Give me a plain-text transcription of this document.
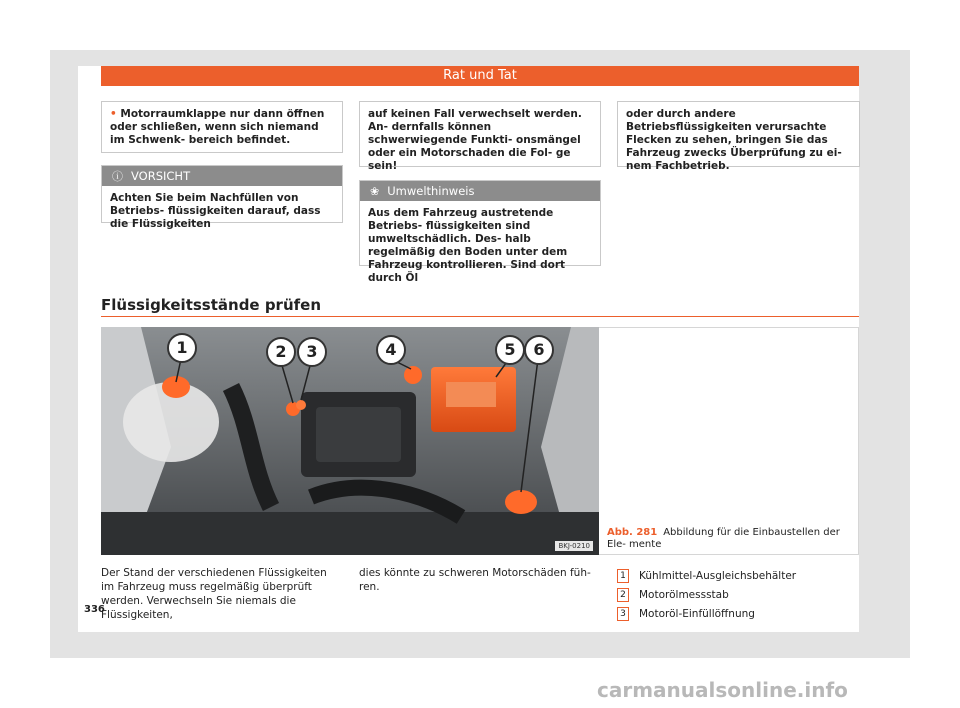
Rat und Tat

• Motorraumklappe nur dann öffnen oder schließen, wenn sich niemand im Schwenk- bereich befindet.

ⓘ VORSICHT

Achten Sie beim Nachfüllen von Betriebs- flüssigkeiten darauf, dass die Flüssigkeiten

auf keinen Fall verwechselt werden. An- dernfalls können schwerwiegende Funkti- onsmängel oder ein Motorschaden die Fol- ge sein!

❀ Umwelthinweis

Aus dem Fahrzeug austretende Betriebs- flüssigkeiten sind umweltschädlich. Des- halb regelmäßig den Boden unter dem Fahrzeug kontrollieren. Sind dort durch Öl

oder durch andere Betriebsflüssigkeiten verursachte Flecken zu sehen, bringen Sie das Fahrzeug zwecks Überprüfung zu ei- nem Fachbetrieb.

Flüssigkeitsstände prüfen
1	2	3	4	5	6
BKJ-0210
Abb. 281 Abbildung für die Einbaustellen der Ele- mente
Der Stand der verschiedenen Flüssigkeiten im Fahrzeug muss regelmäßig überprüft werden. Verwechseln Sie niemals die Flüssigkeiten,
dies könnte zu schweren Motorschäden füh- ren.
1 Kühlmittel-Ausgleichsbehälter
2 Motorölmessstab
3 Motoröl-Einfüllöffnung
336
carmanualsonline.info
